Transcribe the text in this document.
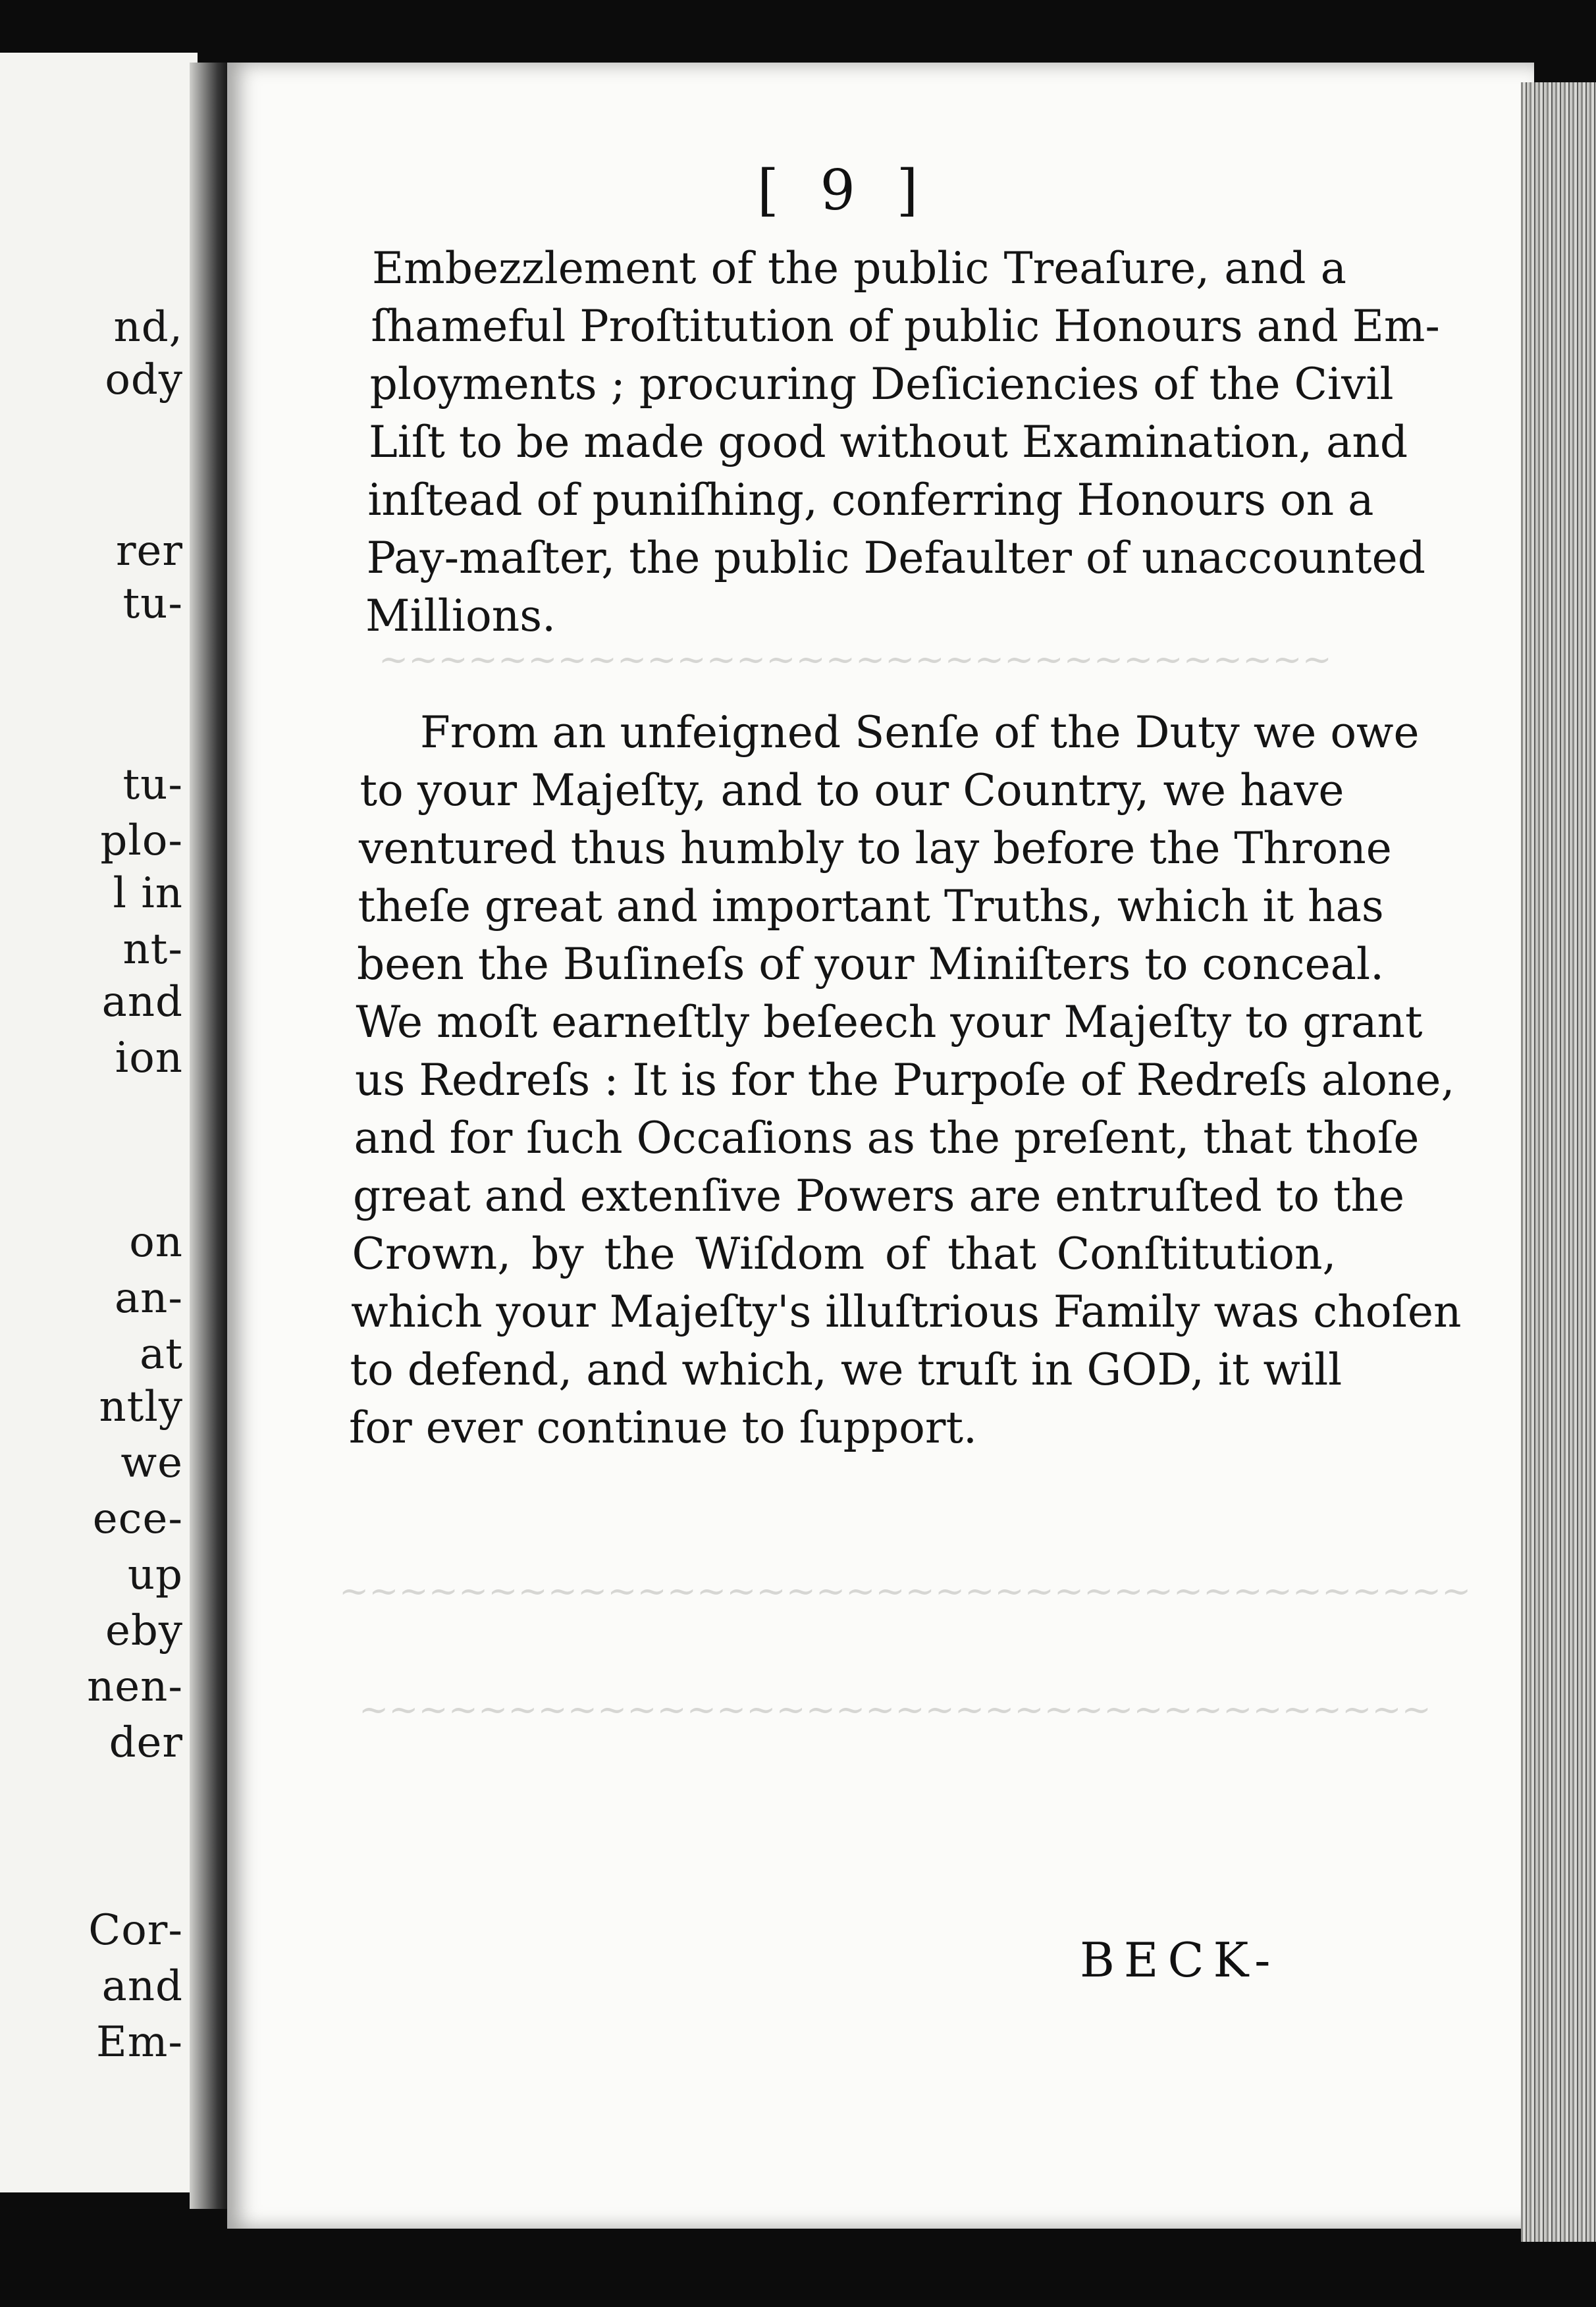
nd,
ody
rer
tu-
tu-
plo-
l in
nt-
and
ion
on
an-
at
ntly
we
ece-
up
eby
nen-
der
Cor-
and
Em-
~~~~~~~~~~~~~~~~~~~~~~~~~~~~~~~~
~~~~~~~~~~~~~~~~~~~~~~~~~~~~~~~~~~~~~~
~~~~~~~~~~~~~~~~~~~~~~~~~~~~~~~~~~~~
[ 9 ]
Embezzlement of the public Treaſure, and a
ſhameful Proſtitution of public Honours and Em-
ployments ; procuring Deſiciencies of the Civil
Liſt to be made good without Examination, and
inſtead of puniſhing, conferring Honours on a
Pay-maſter, the public Defaulter of unaccounted
Millions.
From an unfeigned Senſe of the Duty we owe
to your Majeſty, and to our Country, we have
ventured thus humbly to lay before the Throne
theſe great and important Truths, which it has
been the Buſineſs of your Miniſters to conceal.
We moſt earneſtly beſeech your Majeſty to grant
us Redreſs : It is for the Purpoſe of Redreſs alone,
and for ſuch Occaſions as the preſent, that thoſe
great and extenſive Powers are entruſted to the
Crown, by the Wiſdom of that Conſtitution,
which your Majeſty's illuſtrious Family was choſen
to defend, and which, we truſt in GOD, it will
for ever continue to ſupport.
BECK-
